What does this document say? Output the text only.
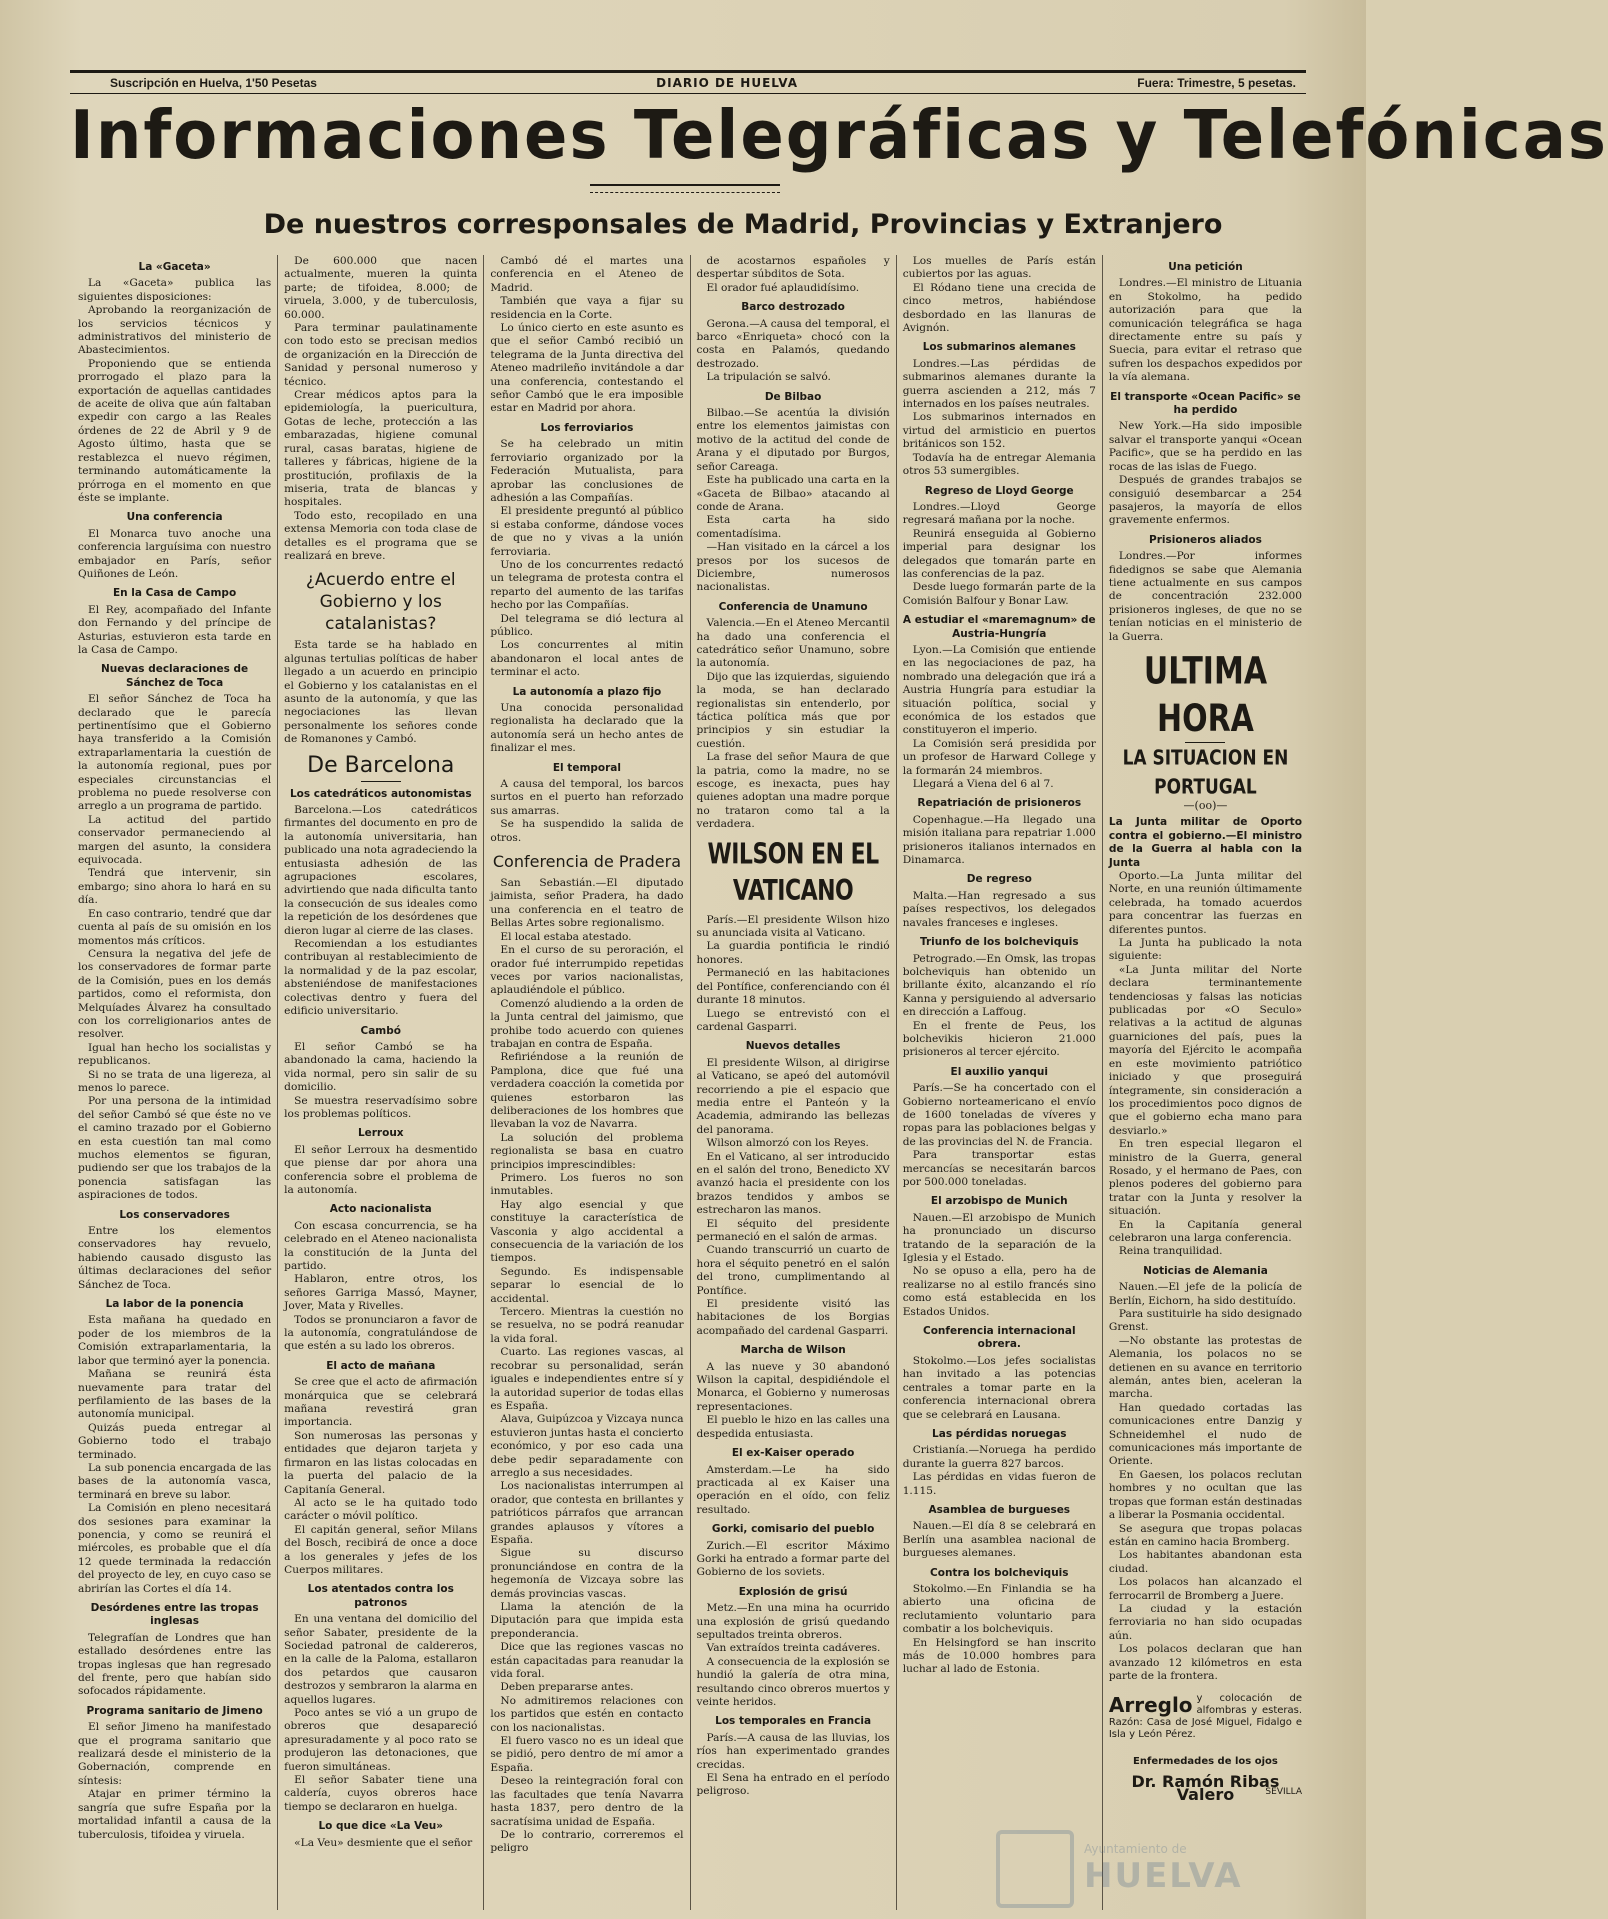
Suscripción en Huelva, 1'50 Pesetas	DIARIO DE HUELVA	Fuera: Trimestre, 5 pesetas.
Informaciones Telegráficas y Telefónicas
De nuestros corresponsales de Madrid, Provincias y Extranjero
La «Gaceta»

La «Gaceta» publica las siguientes disposiciones:

Aprobando la reorganización de los servicios técnicos y administrativos del ministerio de Abastecimientos.

Proponiendo que se entienda prorrogado el plazo para la exportación de aquellas cantidades de aceite de oliva que aún faltaban expedir con cargo a las Reales órdenes de 22 de Abril y 9 de Agosto último, hasta que se restablezca el nuevo régimen, terminando automáticamente la prórroga en el momento en que éste se implante.

Una conferencia

El Monarca tuvo anoche una conferencia larguísima con nuestro embajador en París, señor Quiñones de León.

En la Casa de Campo

El Rey, acompañado del Infante don Fernando y del príncipe de Asturias, estuvieron esta tarde en la Casa de Campo.

Nuevas declaraciones de Sánchez de Toca

El señor Sánchez de Toca ha declarado que le parecía pertinentísimo que el Gobierno haya transferido a la Comisión extraparlamentaria la cuestión de la autonomía regional, pues por especiales circunstancias el problema no puede resolverse con arreglo a un programa de partido.

La actitud del partido conservador permaneciendo al margen del asunto, la considera equivocada.

Tendrá que intervenir, sin embargo; sino ahora lo hará en su día.

En caso contrario, tendré que dar cuenta al país de su omisión en los momentos más críticos.

Censura la negativa del jefe de los conservadores de formar parte de la Comisión, pues en los demás partidos, como el reformista, don Melquíades Álvarez ha consultado con los correligionarios antes de resolver.

Igual han hecho los socialistas y republicanos.

Si no se trata de una ligereza, al menos lo parece.

Por una persona de la intimidad del señor Cambó sé que éste no ve el camino trazado por el Gobierno en esta cuestión tan mal como muchos elementos se figuran, pudiendo ser que los trabajos de la ponencia satisfagan las aspiraciones de todos.

Los conservadores

Entre los elementos conservadores hay revuelo, habiendo causado disgusto las últimas declaraciones del señor Sánchez de Toca.

La labor de la ponencia

Esta mañana ha quedado en poder de los miembros de la Comisión extraparlamentaria, la labor que terminó ayer la ponencia.

Mañana se reunirá ésta nuevamente para tratar del perfilamiento de las bases de la autonomía municipal.

Quizás pueda entregar al Gobierno todo el trabajo terminado.

La sub ponencia encargada de las bases de la autonomía vasca, terminará en breve su labor.

La Comisión en pleno necesitará dos sesiones para examinar la ponencia, y como se reunirá el miércoles, es probable que el día 12 quede terminada la redacción del proyecto de ley, en cuyo caso se abrirían las Cortes el día 14.

Desórdenes entre las tropas inglesas

Telegrafían de Londres que han estallado desórdenes entre las tropas inglesas que han regresado del frente, pero que habían sido sofocados rápidamente.

Programa sanitario de Jimeno

El señor Jimeno ha manifestado que el programa sanitario que realizará desde el ministerio de la Gobernación, comprende en síntesis:

Atajar en primer término la sangría que sufre España por la mortalidad infantil a causa de la tuberculosis, tifoidea y viruela.

De 600.000 que nacen actualmente, mueren la quinta parte; de tifoidea, 8.000; de viruela, 3.000, y de tuberculosis, 60.000.

Para terminar paulatinamente con todo esto se precisan medios de organización en la Dirección de Sanidad y personal numeroso y técnico.

Crear médicos aptos para la epidemiología, la puericultura, Gotas de leche, protección a las embarazadas, higiene comunal rural, casas baratas, higiene de talleres y fábricas, higiene de la prostitución, profilaxis de la miseria, trata de blancas y hospitales.

Todo esto, recopilado en una extensa Memoria con toda clase de detalles es el programa que se realizará en breve.

¿Acuerdo entre el Gobierno y los catalanistas?

Esta tarde se ha hablado en algunas tertulias políticas de haber llegado a un acuerdo en principio el Gobierno y los catalanistas en el asunto de la autonomía, y que las negociaciones las llevan personalmente los señores conde de Romanones y Cambó.

De Barcelona
Los catedráticos autonomistas

Barcelona.—Los catedráticos firmantes del documento en pro de la autonomía universitaria, han publicado una nota agradeciendo la entusiasta adhesión de las agrupaciones escolares, advirtiendo que nada dificulta tanto la consecución de sus ideales como la repetición de los desórdenes que dieron lugar al cierre de las clases.

Recomiendan a los estudiantes contribuyan al restablecimiento de la normalidad y de la paz escolar, absteniéndose de manifestaciones colectivas dentro y fuera del edificio universitario.

Cambó

El señor Cambó se ha abandonado la cama, haciendo la vida normal, pero sin salir de su domicilio.

Se muestra reservadísimo sobre los problemas políticos.

Lerroux

El señor Lerroux ha desmentido que piense dar por ahora una conferencia sobre el problema de la autonomía.

Acto nacionalista

Con escasa concurrencia, se ha celebrado en el Ateneo nacionalista la constitución de la Junta del partido.

Hablaron, entre otros, los señores Garriga Massó, Mayner, Jover, Mata y Rivelles.

Todos se pronunciaron a favor de la autonomía, congratulándose de que estén a su lado los obreros.

El acto de mañana

Se cree que el acto de afirmación monárquica que se celebrará mañana revestirá gran importancia.

Son numerosas las personas y entidades que dejaron tarjeta y firmaron en las listas colocadas en la puerta del palacio de la Capitanía General.

Al acto se le ha quitado todo carácter o móvil político.

El capitán general, señor Milans del Bosch, recibirá de once a doce a los generales y jefes de los Cuerpos militares.

Los atentados contra los patronos

En una ventana del domicilio del señor Sabater, presidente de la Sociedad patronal de caldereros, en la calle de la Paloma, estallaron dos petardos que causaron destrozos y sembraron la alarma en aquellos lugares.

Poco antes se vió a un grupo de obreros que desapareció apresuradamente y al poco rato se produjeron las detonaciones, que fueron simultáneas.

El señor Sabater tiene una caldería, cuyos obreros hace tiempo se declararon en huelga.

Lo que dice «La Veu»

«La Veu» desmiente que el señor

Cambó dé el martes una conferencia en el Ateneo de Madrid.

También que vaya a fijar su residencia en la Corte.

Lo único cierto en este asunto es que el señor Cambó recibió un telegrama de la Junta directiva del Ateneo madrileño invitándole a dar una conferencia, contestando el señor Cambó que le era imposible estar en Madrid por ahora.

Los ferroviarios

Se ha celebrado un mitin ferroviario organizado por la Federación Mutualista, para aprobar las conclusiones de adhesión a las Compañías.

El presidente preguntó al público si estaba conforme, dándose voces de que no y vivas a la unión ferroviaria.

Uno de los concurrentes redactó un telegrama de protesta contra el reparto del aumento de las tarifas hecho por las Compañías.

Del telegrama se dió lectura al público.

Los concurrentes al mitin abandonaron el local antes de terminar el acto.

La autonomía a plazo fijo

Una conocida personalidad regionalista ha declarado que la autonomía será un hecho antes de finalizar el mes.

El temporal

A causa del temporal, los barcos surtos en el puerto han reforzado sus amarras.

Se ha suspendido la salida de otros.

Conferencia de Pradera

San Sebastián.—El diputado jaimista, señor Pradera, ha dado una conferencia en el teatro de Bellas Artes sobre regionalismo.

El local estaba atestado.

En el curso de su peroración, el orador fué interrumpido repetidas veces por varios nacionalistas, aplaudiéndole el público.

Comenzó aludiendo a la orden de la Junta central del jaimismo, que prohibe todo acuerdo con quienes trabajan en contra de España.

Refiriéndose a la reunión de Pamplona, dice que fué una verdadera coacción la cometida por quienes estorbaron las deliberaciones de los hombres que llevaban la voz de Navarra.

La solución del problema regionalista se basa en cuatro principios imprescindibles:

Primero. Los fueros no son inmutables.

Hay algo esencial y que constituye la característica de Vasconia y algo accidental a consecuencia de la variación de los tiempos.

Segundo. Es indispensable separar lo esencial de lo accidental.

Tercero. Mientras la cuestión no se resuelva, no se podrá reanudar la vida foral.

Cuarto. Las regiones vascas, al recobrar su personalidad, serán iguales e independientes entre sí y la autoridad superior de todas ellas es España.

Alava, Guipúzcoa y Vizcaya nunca estuvieron juntas hasta el concierto económico, y por eso cada una debe pedir separadamente con arreglo a sus necesidades.

Los nacionalistas interrumpen al orador, que contesta en brillantes y patrióticos párrafos que arrancan grandes aplausos y vítores a España.

Sigue su discurso pronunciándose en contra de la hegemonía de Vizcaya sobre las demás provincias vascas.

Llama la atención de la Diputación para que impida esta preponderancia.

Dice que las regiones vascas no están capacitadas para reanudar la vida foral.

Deben prepararse antes.

No admitiremos relaciones con los partidos que estén en contacto con los nacionalistas.

El fuero vasco no es un ideal que se pidió, pero dentro de mí amor a España.

Deseo la reintegración foral con las facultades que tenía Navarra hasta 1837, pero dentro de la sacratísima unidad de España.

De lo contrario, correremos el peligro

de acostarnos españoles y despertar súbditos de Sota.

El orador fué aplaudidísimo.

Barco destrozado

Gerona.—A causa del temporal, el barco «Enriqueta» chocó con la costa en Palamós, quedando destrozado.

La tripulación se salvó.

De Bilbao

Bilbao.—Se acentúa la división entre los elementos jaimistas con motivo de la actitud del conde de Arana y el diputado por Burgos, señor Careaga.

Este ha publicado una carta en la «Gaceta de Bilbao» atacando al conde de Arana.

Esta carta ha sido comentadísima.

—Han visitado en la cárcel a los presos por los sucesos de Diciembre, numerosos nacionalistas.

Conferencia de Unamuno

Valencia.—En el Ateneo Mercantil ha dado una conferencia el catedrático señor Unamuno, sobre la autonomía.

Dijo que las izquierdas, siguiendo la moda, se han declarado regionalistas sin entenderlo, por táctica política más que por principios y sin estudiar la cuestión.

La frase del señor Maura de que la patria, como la madre, no se escoge, es inexacta, pues hay quienes adoptan una madre porque no trataron como tal a la verdadera.

WILSON EN EL VATICANO

París.—El presidente Wilson hizo su anunciada visita al Vaticano.

La guardia pontificia le rindió honores.

Permaneció en las habitaciones del Pontífice, conferenciando con él durante 18 minutos.

Luego se entrevistó con el cardenal Gasparri.

Nuevos detalles

El presidente Wilson, al dirigirse al Vaticano, se apeó del automóvil recorriendo a pie el espacio que media entre el Panteón y la Academia, admirando las bellezas del panorama.

Wilson almorzó con los Reyes.

En el Vaticano, al ser introducido en el salón del trono, Benedicto XV avanzó hacia el presidente con los brazos tendidos y ambos se estrecharon las manos.

El séquito del presidente permaneció en el salón de armas.

Cuando transcurrió un cuarto de hora el séquito penetró en el salón del trono, cumplimentando al Pontífice.

El presidente visitó las habitaciones de los Borgias acompañado del cardenal Gasparri.

Marcha de Wilson

A las nueve y 30 abandonó Wilson la capital, despidiéndole el Monarca, el Gobierno y numerosas representaciones.

El pueblo le hizo en las calles una despedida entusiasta.

El ex-Kaiser operado

Amsterdam.—Le ha sido practicada al ex Kaiser una operación en el oído, con feliz resultado.

Gorki, comisario del pueblo

Zurich.—El escritor Máximo Gorki ha entrado a formar parte del Gobierno de los soviets.

Explosión de grisú

Metz.—En una mina ha ocurrido una explosión de grisú quedando sepultados treinta obreros.

Van extraídos treinta cadáveres.

A consecuencia de la explosión se hundió la galería de otra mina, resultando cinco obreros muertos y veinte heridos.

Los temporales en Francia

París.—A causa de las lluvias, los ríos han experimentado grandes crecidas.

El Sena ha entrado en el período peligroso.

Los muelles de París están cubiertos por las aguas.

El Ródano tiene una crecida de cinco metros, habiéndose desbordado en las llanuras de Avignón.

Los submarinos alemanes

Londres.—Las pérdidas de submarinos alemanes durante la guerra ascienden a 212, más 7 internados en los países neutrales.

Los submarinos internados en virtud del armisticio en puertos británicos son 152.

Todavía ha de entregar Alemania otros 53 sumergibles.

Regreso de Lloyd George

Londres.—Lloyd George regresará mañana por la noche.

Reunirá enseguida al Gobierno imperial para designar los delegados que tomarán parte en las conferencias de la paz.

Desde luego formarán parte de la Comisión Balfour y Bonar Law.

A estudiar el «maremagnum» de Austria-Hungría

Lyon.—La Comisión que entiende en las negociaciones de paz, ha nombrado una delegación que irá a Austria Hungría para estudiar la situación política, social y económica de los estados que constituyeron el imperio.

La Comisión será presidida por un profesor de Harward College y la formarán 24 miembros.

Llegará a Viena del 6 al 7.

Repatriación de prisioneros

Copenhague.—Ha llegado una misión italiana para repatriar 1.000 prisioneros italianos internados en Dinamarca.

De regreso

Malta.—Han regresado a sus países respectivos, los delegados navales franceses e ingleses.

Triunfo de los bolcheviquis

Petrogrado.—En Omsk, las tropas bolcheviquis han obtenido un brillante éxito, alcanzando el río Kanna y persiguiendo al adversario en dirección a Laffoug.

En el frente de Peus, los bolchevikis hicieron 21.000 prisioneros al tercer ejército.

El auxilio yanqui

París.—Se ha concertado con el Gobierno norteamericano el envío de 1600 toneladas de víveres y ropas para las poblaciones belgas y de las provincias del N. de Francia.

Para transportar estas mercancías se necesitarán barcos por 500.000 toneladas.

El arzobispo de Munich

Nauen.—El arzobispo de Munich ha pronunciado un discurso tratando de la separación de la Iglesia y el Estado.

No se opuso a ella, pero ha de realizarse no al estilo francés sino como está establecida en los Estados Unidos.

Conferencia internacional obrera.

Stokolmo.—Los jefes socialistas han invitado a las potencias centrales a tomar parte en la conferencia internacional obrera que se celebrará en Lausana.

Las pérdidas noruegas

Cristianía.—Noruega ha perdido durante la guerra 827 barcos.

Las pérdidas en vidas fueron de 1.115.

Asamblea de burgueses

Nauen.—El día 8 se celebrará en Berlín una asamblea nacional de burgueses alemanes.

Contra los bolcheviquis

Stokolmo.—En Finlandia se ha abierto una oficina de reclutamiento voluntario para combatir a los bolcheviquis.

En Helsingford se han inscrito más de 10.000 hombres para luchar al lado de Estonia.

Una petición

Londres.—El ministro de Lituania en Stokolmo, ha pedido autorización para que la comunicación telegráfica se haga directamente entre su país y Suecia, para evitar el retraso que sufren los despachos expedidos por la vía alemana.

El transporte «Ocean Pacific» se ha perdido

New York.—Ha sido imposible salvar el transporte yanqui «Ocean Pacific», que se ha perdido en las rocas de las islas de Fuego.

Después de grandes trabajos se consiguió desembarcar a 254 pasajeros, la mayoría de ellos gravemente enfermos.

Prisioneros aliados

Londres.—Por informes fidedignos se sabe que Alemania tiene actualmente en sus campos de concentración 232.000 prisioneros ingleses, de que no se tenían noticias en el ministerio de la Guerra.

ULTIMA HORA
LA SITUACION EN PORTUGAL
—(oo)—

La Junta militar de Oporto contra el gobierno.—El ministro de la Guerra al habla con la Junta

Oporto.—La Junta militar del Norte, en una reunión últimamente celebrada, ha tomado acuerdos para concentrar las fuerzas en diferentes puntos.

La Junta ha publicado la nota siguiente:

«La Junta militar del Norte declara terminantemente tendenciosas y falsas las noticias publicadas por «O Seculo» relativas a la actitud de algunas guarniciones del país, pues la mayoría del Ejército le acompaña en este movimiento patriótico iniciado y que proseguirá íntegramente, sin consideración a los procedimientos poco dignos de que el gobierno echa mano para desviarlo.»

En tren especial llegaron el ministro de la Guerra, general Rosado, y el hermano de Paes, con plenos poderes del gobierno para tratar con la Junta y resolver la situación.

En la Capitanía general celebraron una larga conferencia.

Reina tranquilidad.

Noticias de Alemania

Nauen.—El jefe de la policía de Berlín, Eichorn, ha sido destituído.

Para sustituirle ha sido designado Grenst.

—No obstante las protestas de Alemania, los polacos no se detienen en su avance en territorio alemán, antes bien, aceleran la marcha.

Han quedado cortadas las comunicaciones entre Danzig y Schneidemhel el nudo de comunicaciones más importante de Oriente.

En Gaesen, los polacos reclutan hombres y no ocultan que las tropas que forman están destinadas a liberar la Posmania occidental.

Se asegura que tropas polacas están en camino hacia Bromberg.

Los habitantes abandonan esta ciudad.

Los polacos han alcanzado el ferrocarril de Bromberg a Juere.

La ciudad y la estación ferroviaria no han sido ocupadas aún.

Los polacos declaran que han avanzado 12 kilómetros en esta parte de la frontera.

Arreglo y colocación de alfombras y esteras. Razón: Casa de José Miguel, Fidalgo e Isla y León Pérez.
Enfermedades de los ojos
Dr. Ramón Ribas Valero	SEVILLA
Ayuntamiento de
HUELVA
